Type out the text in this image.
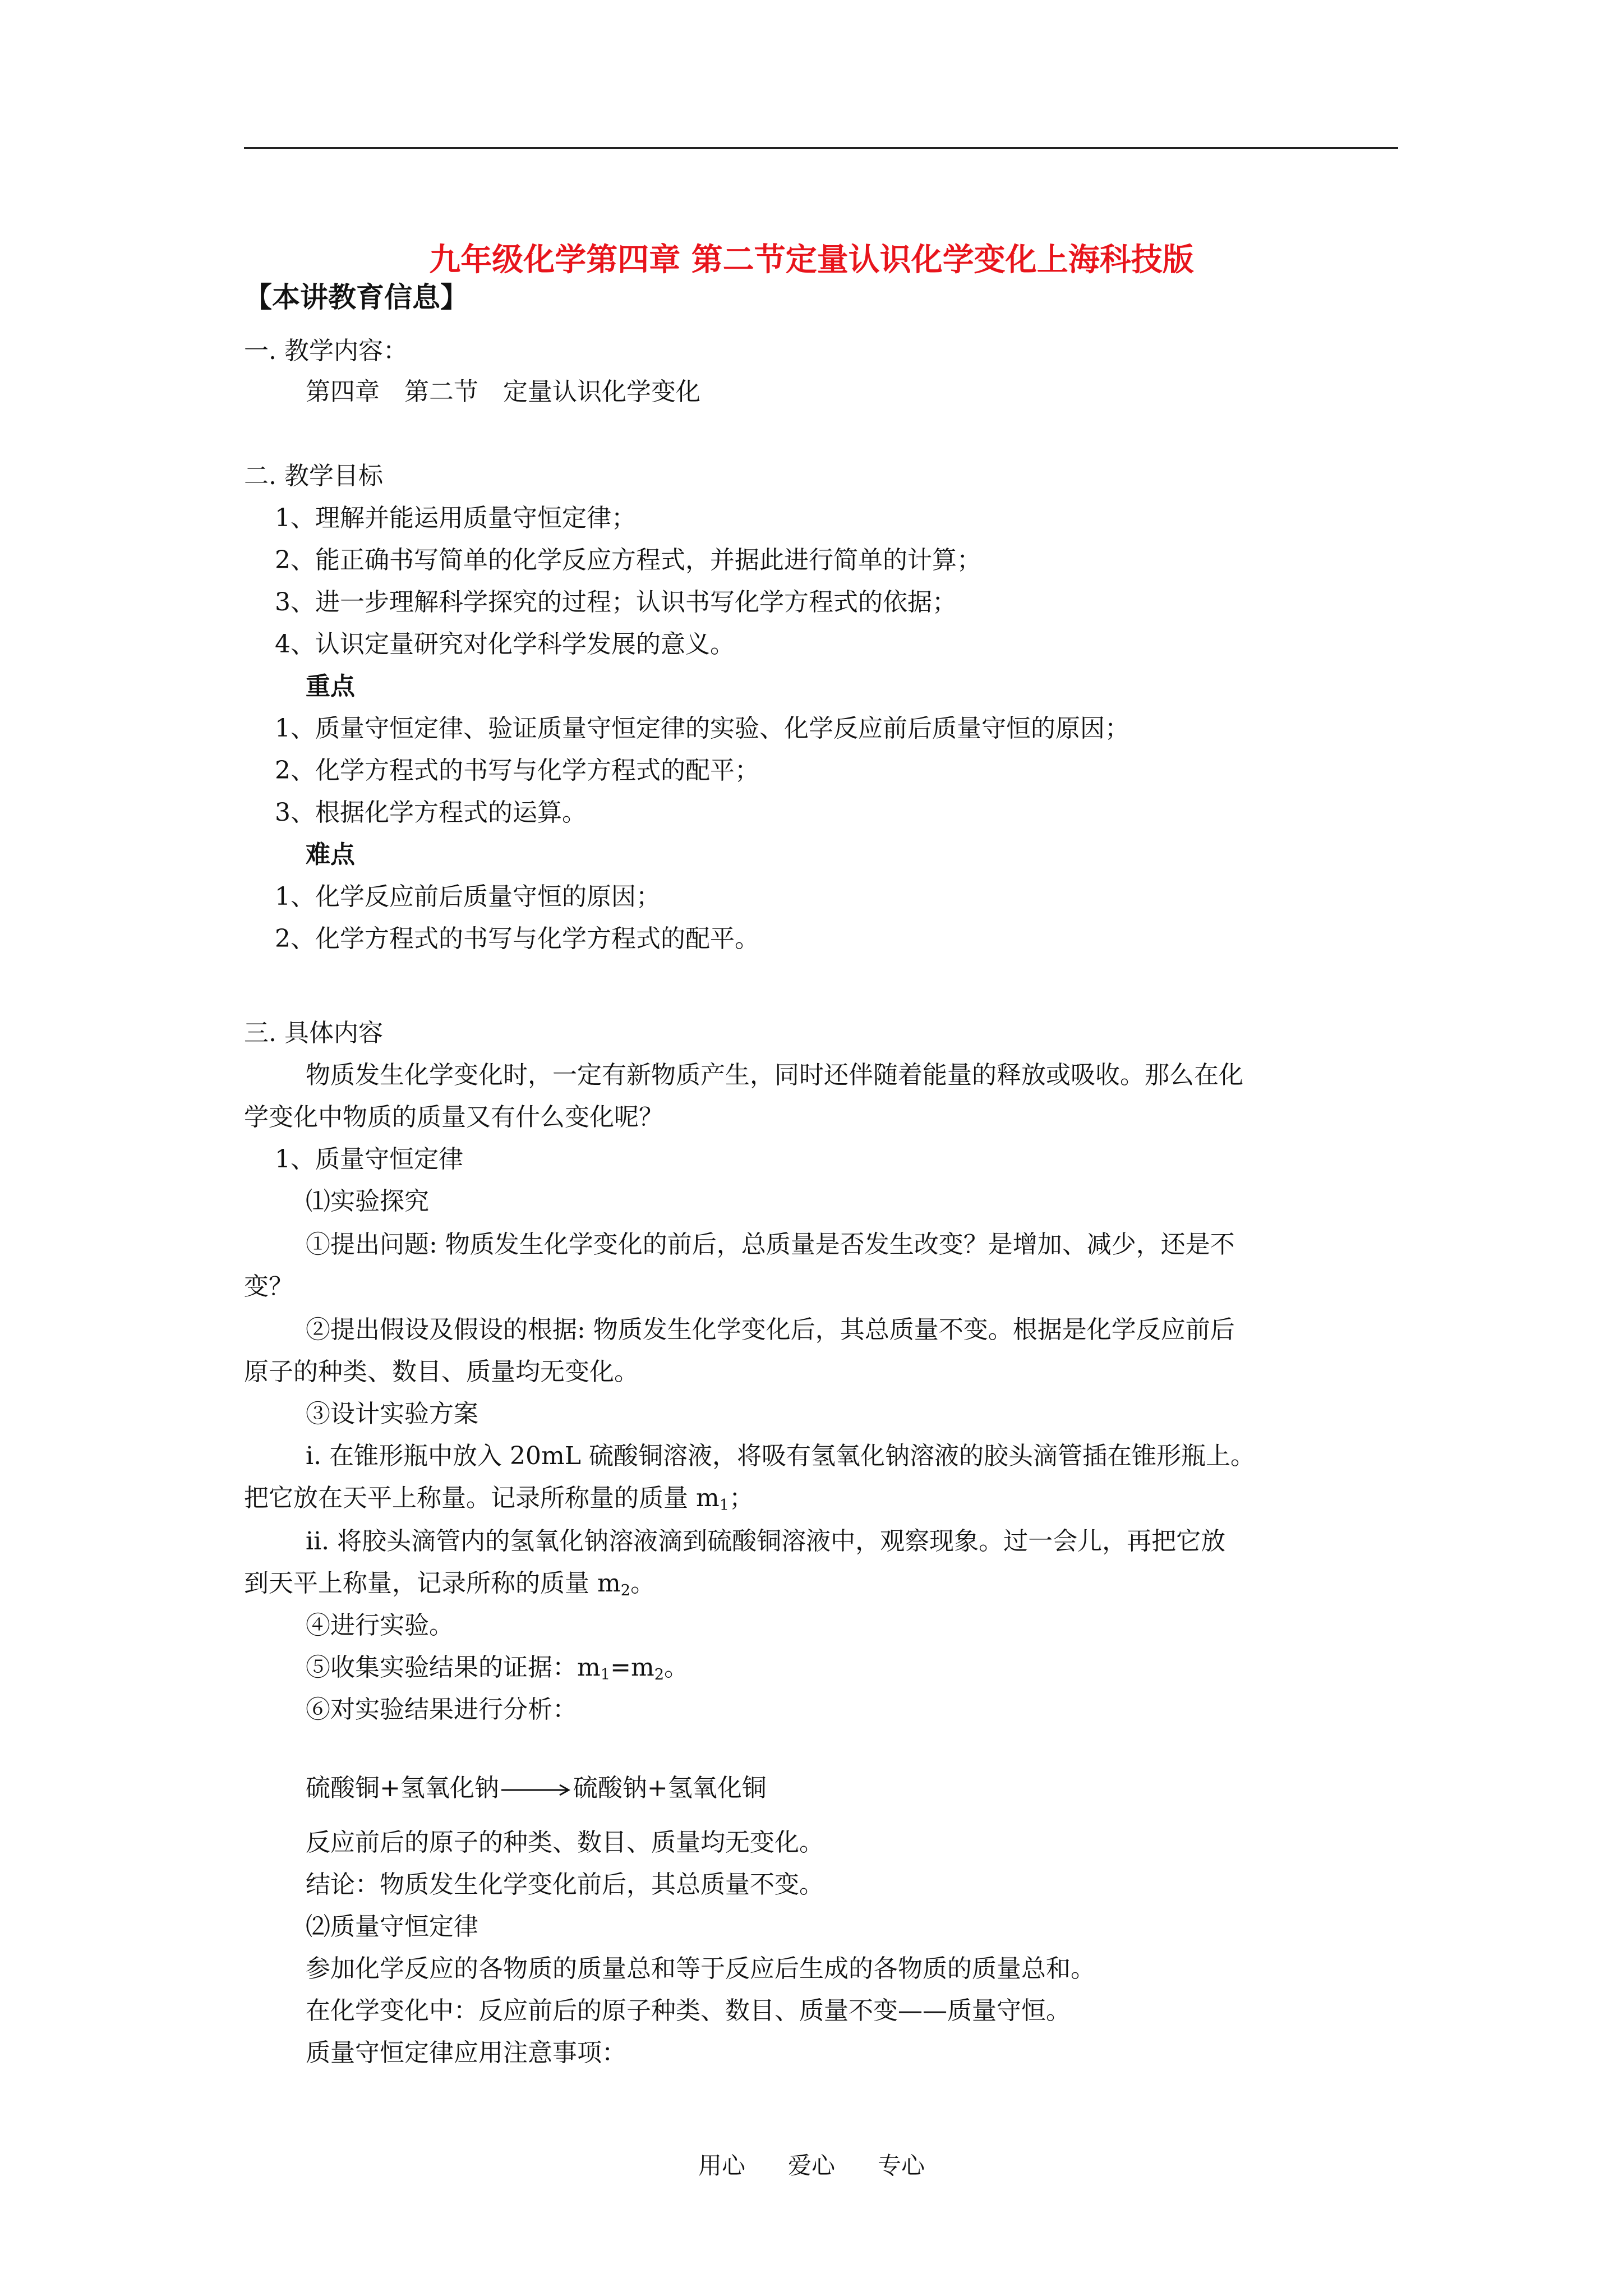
九年级化学第四章 第二节定量认识化学变化上海科技版
【本讲教育信息】
一. 教学内容：
第四章　第二节　定量认识化学变化
二. 教学目标
1、理解并能运用质量守恒定律；
2、能正确书写简单的化学反应方程式，并据此进行简单的计算；
3、进一步理解科学探究的过程；认识书写化学方程式的依据；
4、认识定量研究对化学科学发展的意义。
重点
1、质量守恒定律、验证质量守恒定律的实验、化学反应前后质量守恒的原因；
2、化学方程式的书写与化学方程式的配平；
3、根据化学方程式的运算。
难点
1、化学反应前后质量守恒的原因；
2、化学方程式的书写与化学方程式的配平。
三. 具体内容
物质发生化学变化时，一定有新物质产生，同时还伴随着能量的释放或吸收。那么在化
学变化中物质的质量又有什么变化呢？
1、质量守恒定律
⑴实验探究
①提出问题: 物质发生化学变化的前后，总质量是否发生改变？是增加、减少，还是不
变？
②提出假设及假设的根据: 物质发生化学变化后，其总质量不变。根据是化学反应前后
原子的种类、数目、质量均无变化。
③设计实验方案
i. 在锥形瓶中放入 20mL 硫酸铜溶液，将吸有氢氧化钠溶液的胶头滴管插在锥形瓶上。
把它放在天平上称量。记录所称量的质量 $m_1$；
ii. 将胶头滴管内的氢氧化钠溶液滴到硫酸铜溶液中，观察现象。过一会儿，再把它放
到天平上称量，记录所称的质量 $m_2$。
④进行实验。
⑤收集实验结果的证据：$m_1=m_2$。
⑥对实验结果进行分析：
硫酸铜+氢氧化钠 → 硫酸钠+氢氧化铜
反应前后的原子的种类、数目、质量均无变化。
结论：物质发生化学变化前后，其总质量不变。
⑵质量守恒定律
参加化学反应的各物质的质量总和等于反应后生成的各物质的质量总和。
在化学变化中：反应前后的原子种类、数目、质量不变——质量守恒。
质量守恒定律应用注意事项：
用心 爱心 专心
